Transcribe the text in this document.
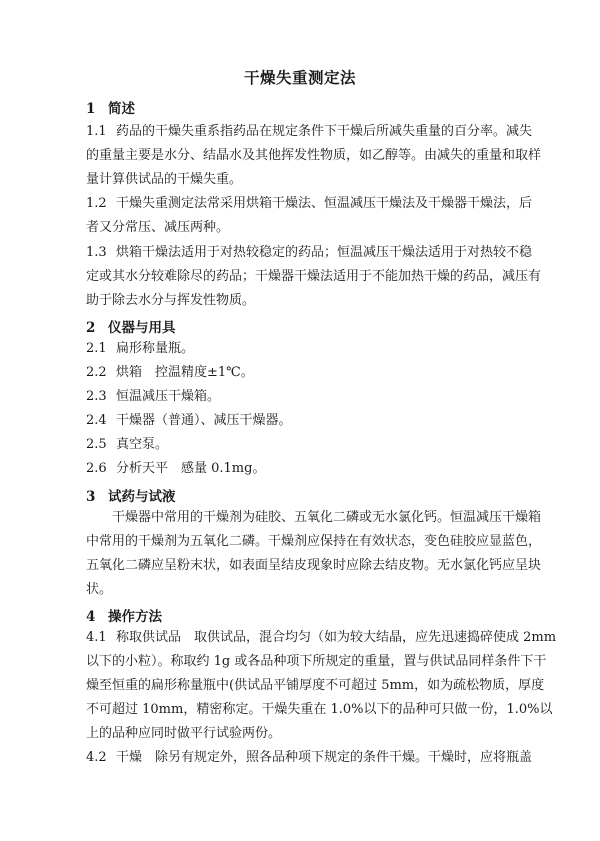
干燥失重测定法
1 简述
1.1 药品的干燥失重系指药品在规定条件下干燥后所减失重量的百分率。减失
的重量主要是水分、结晶水及其他挥发性物质，如乙醇等。由减失的重量和取样
量计算供试品的干燥失重。
1.2 干燥失重测定法常采用烘箱干燥法、恒温减压干燥法及干燥器干燥法，后
者又分常压、减压两种。
1.3 烘箱干燥法适用于对热较稳定的药品；恒温减压干燥法适用于对热较不稳
定或其水分较难除尽的药品；干燥器干燥法适用于不能加热干燥的药品，减压有
助于除去水分与挥发性物质。
2 仪器与用具
2.1 扁形称量瓶。
2.2 烘箱　控温精度±1℃。
2.3 恒温减压干燥箱。
2.4 干燥器（普通）、减压干燥器。
2.5 真空泵。
2.6 分析天平　感量 0.1mg。
3 试药与试液
干燥器中常用的干燥剂为硅胶、五氧化二磷或无水氯化钙。恒温减压干燥箱
中常用的干燥剂为五氧化二磷。干燥剂应保持在有效状态，变色硅胶应显蓝色，
五氧化二磷应呈粉末状，如表面呈结皮现象时应除去结皮物。无水氯化钙应呈块
状。
4 操作方法
4.1 称取供试品　取供试品，混合均匀（如为较大结晶，应先迅速捣碎使成 2mm
以下的小粒）。称取约 1g 或各品种项下所规定的重量，置与供试品同样条件下干
燥至恒重的扁形称量瓶中(供试品平铺厚度不可超过 5mm，如为疏松物质，厚度
不可超过 10mm，精密称定。干燥失重在 1.0%以下的品种可只做一份，1.0%以
上的品种应同时做平行试验两份。
4.2 干燥　除另有规定外，照各品种项下规定的条件干燥。干燥时，应将瓶盖
